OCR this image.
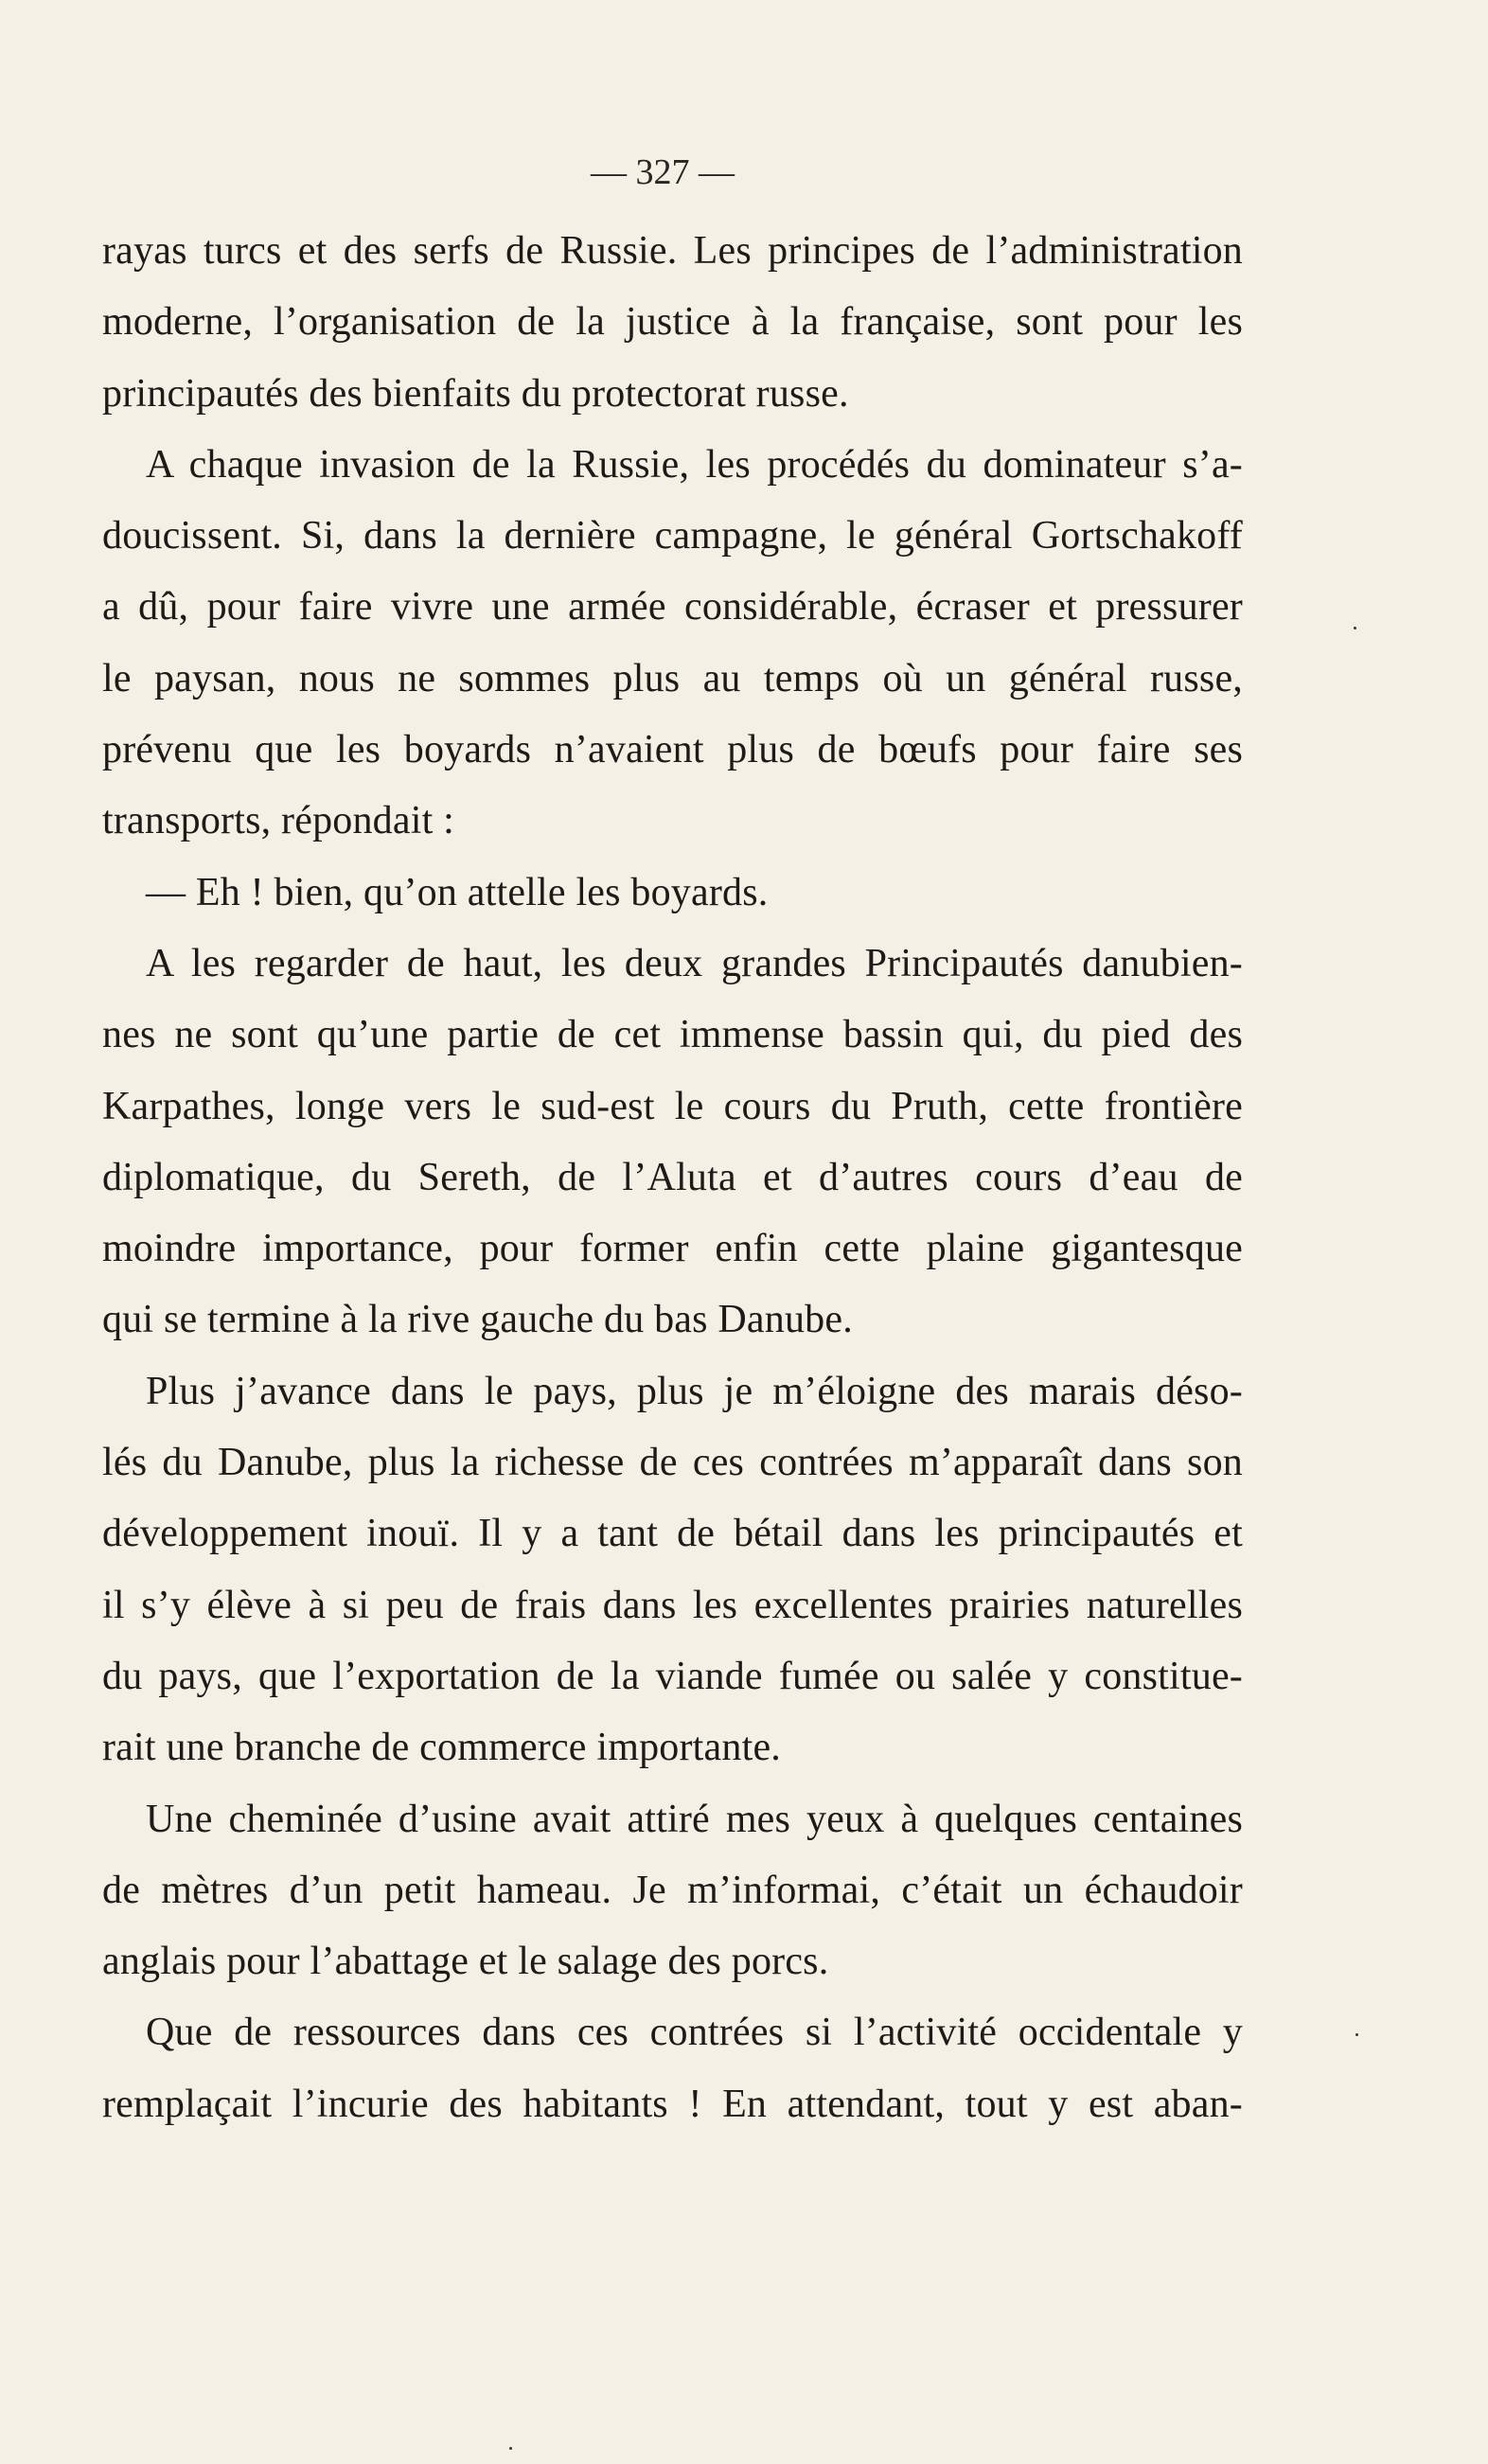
— 327 —
rayas turcs et des serfs de Russie. Les principes de l’administration
moderne, l’organisation de la justice à la française, sont pour les
principautés des bienfaits du protectorat russe.
A chaque invasion de la Russie, les procédés du dominateur s’a-
doucissent. Si, dans la dernière campagne, le général Gortschakoff
a dû, pour faire vivre une armée considérable, écraser et pressurer
le paysan, nous ne sommes plus au temps où un général russe,
prévenu que les boyards n’avaient plus de bœufs pour faire ses
transports, répondait :
— Eh ! bien, qu’on attelle les boyards.
A les regarder de haut, les deux grandes Principautés danubien-
nes ne sont qu’une partie de cet immense bassin qui, du pied des
Karpathes, longe vers le sud-est le cours du Pruth, cette frontière
diplomatique, du Sereth, de l’Aluta et d’autres cours d’eau de
moindre importance, pour former enfin cette plaine gigantesque
qui se termine à la rive gauche du bas Danube.
Plus j’avance dans le pays, plus je m’éloigne des marais déso-
lés du Danube, plus la richesse de ces contrées m’apparaît dans son
développement inouï. Il y a tant de bétail dans les principautés et
il s’y élève à si peu de frais dans les excellentes prairies naturelles
du pays, que l’exportation de la viande fumée ou salée y constitue-
rait une branche de commerce importante.
Une cheminée d’usine avait attiré mes yeux à quelques centaines
de mètres d’un petit hameau. Je m’informai, c’était un échaudoir
anglais pour l’abattage et le salage des porcs.
Que de ressources dans ces contrées si l’activité occidentale y
remplaçait l’incurie des habitants ! En attendant, tout y est aban-
